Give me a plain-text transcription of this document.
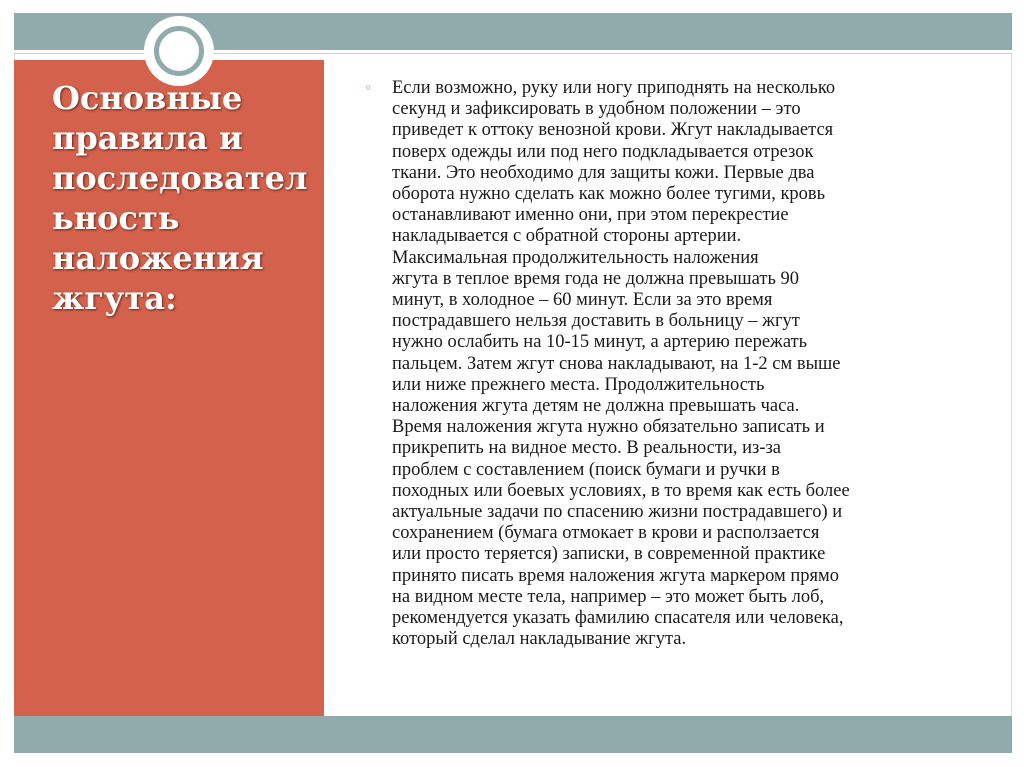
Основные
правила и
последовател
ьность
наложения
жгута:
◦ Если возможно, руку или ногу приподнять на несколько
секунд и зафиксировать в удобном положении – это
приведет к оттоку венозной крови. Жгут накладывается
поверх одежды или под него подкладывается отрезок
ткани. Это необходимо для защиты кожи. Первые два
оборота нужно сделать как можно более тугими, кровь
останавливают именно они, при этом перекрестие
накладывается с обратной стороны артерии.
Максимальная продолжительность наложения
жгута в теплое время года не должна превышать 90
минут, в холодное – 60 минут. Если за это время
пострадавшего нельзя доставить в больницу – жгут
нужно ослабить на 10-15 минут, а артерию пережать
пальцем. Затем жгут снова накладывают, на 1-2 см выше
или ниже прежнего места. Продолжительность
наложения жгута детям не должна превышать часа.
Время наложения жгута нужно обязательно записать и
прикрепить на видное место. В реальности, из-за
проблем с составлением (поиск бумаги и ручки в
походных или боевых условиях, в то время как есть более
актуальные задачи по спасению жизни пострадавшего) и
сохранением (бумага отмокает в крови и расползается
или просто теряется) записки, в современной практике
принято писать время наложения жгута маркером прямо
на видном месте тела, например – это может быть лоб,
рекомендуется указать фамилию спасателя или человека,
который сделал накладывание жгута.
